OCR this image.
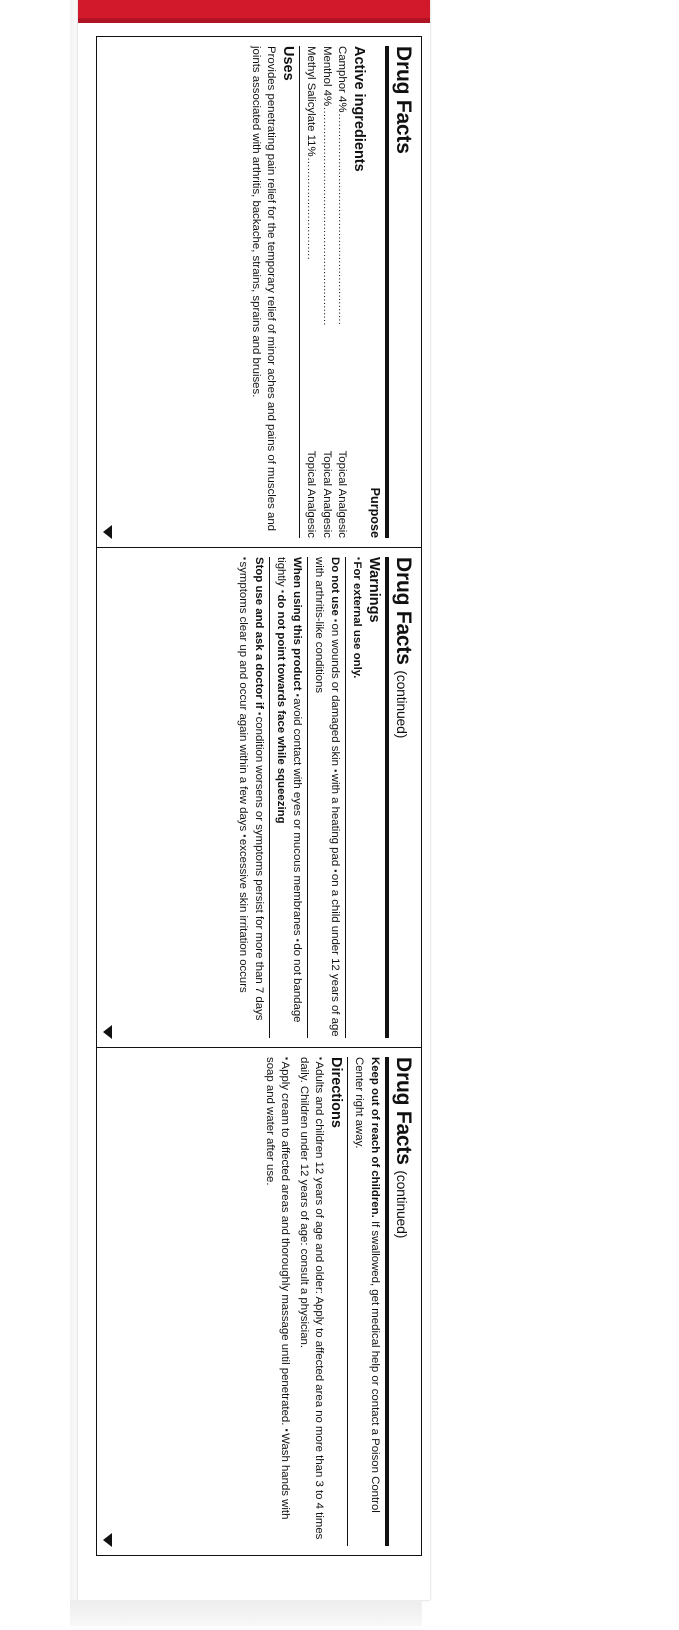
Drug Facts
Purpose
Active ingredients
Camphor 4%
..............................................................
Topical Analgesic
Menthol 4%
................................................................
Topical Analgesic
Methyl Salicylate 11%
..............................
Topical Analgesic
Uses

Provides penetrating pain relief for the temporary relief of minor aches and pains of muscles and joints associated with arthritis, backache, strains, sprains and bruises.

Drug Facts (continued)
Warnings

▪For external use only.

Do not use ▪on wounds or damaged skin ▪with a heating pad ▪on a child under 12 years of age with arthritis-like conditions

When using this product ▪avoid contact with eyes or mucous membranes ▪do not bandage tightly ▪do not point towards face while squeezing

Stop use and ask a doctor if ▪condition worsens or symptoms persist for more than 7 days ▪symptoms clear up and occur again within a few days ▪excessive skin irritation occurs

Drug Facts (continued)

Keep out of reach of children. If swallowed, get medical help or contact a Poison Control Center right away.

Directions

▪Adults and children 12 years of age and older: Apply to affected area no more than 3 to 4 times daily. Children under 12 years of age: consult a physician.

▪Apply cream to affected areas and thoroughly massage until penetrated. ▪Wash hands with soap and water after use.
